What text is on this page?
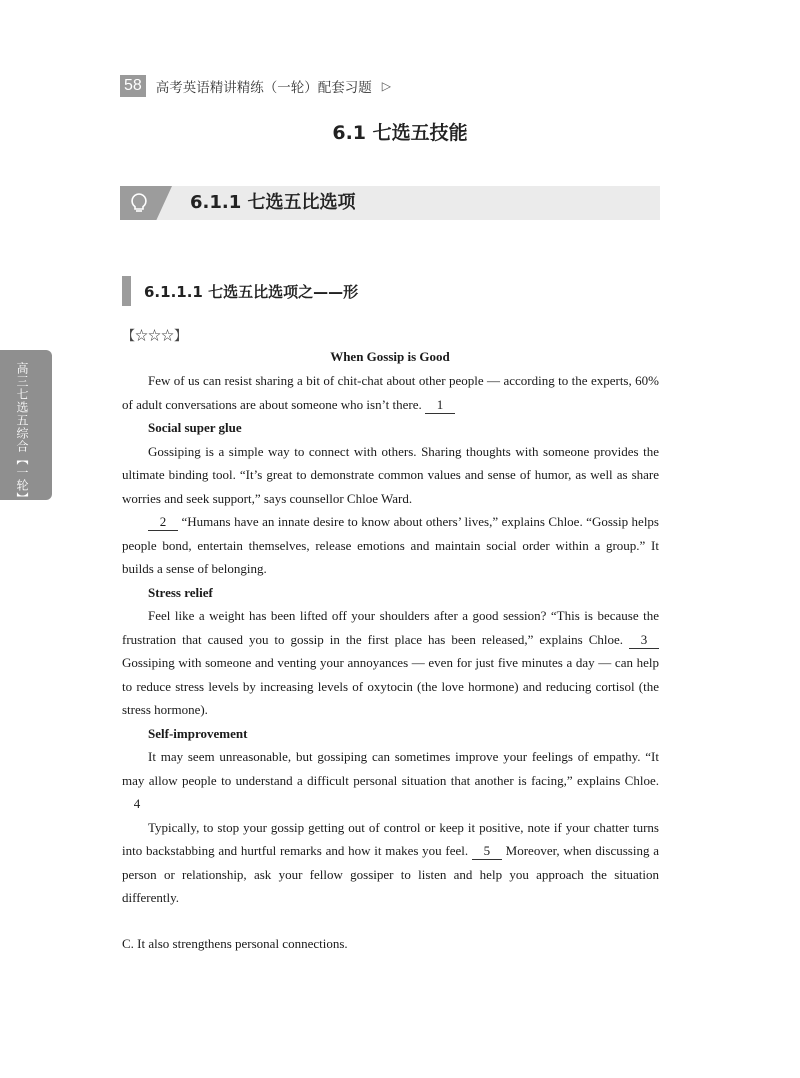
58 高考英语精讲精练（一轮）配套习题 ▷
6.1 七选五技能
6.1.1 七选五比选项
6.1.1.1 七选五比选项之——形
高三七选五综合【一轮】
【☆☆☆】
When Gossip is Good

Few of us can resist sharing a bit of chit-chat about other people — according to the experts, 60% of adult conversations are about someone who isn’t there. 1

Social super glue

Gossiping is a simple way to connect with others. Sharing thoughts with someone provides the ultimate binding tool. “It’s great to demonstrate common values and sense of humor, as well as share worries and seek support,” says counsellor Chloe Ward.

2 “Humans have an innate desire to know about others’ lives,” explains Chloe. “Gossip helps people bond, entertain themselves, release emotions and maintain social order within a group.” It builds a sense of belonging.

Stress relief

Feel like a weight has been lifted off your shoulders after a good session? “This is because the frustration that caused you to gossip in the first place has been released,” explains Chloe. 3 Gossiping with someone and venting your annoyances — even for just five minutes a day — can help to reduce stress levels by increasing levels of oxytocin (the love hormone) and reducing cortisol (the stress hormone).

Self-improvement

It may seem unreasonable, but gossiping can sometimes improve your feelings of empathy. “It may allow people to understand a difficult personal situation that another is facing,” explains Chloe. 4

Typically, to stop your gossip getting out of control or keep it positive, note if your chatter turns into backstabbing and hurtful remarks and how it makes you feel. 5 Moreover, when discussing a person or relationship, ask your fellow gossiper to listen and help you approach the situation differently.

C. It also strengthens personal connections.
